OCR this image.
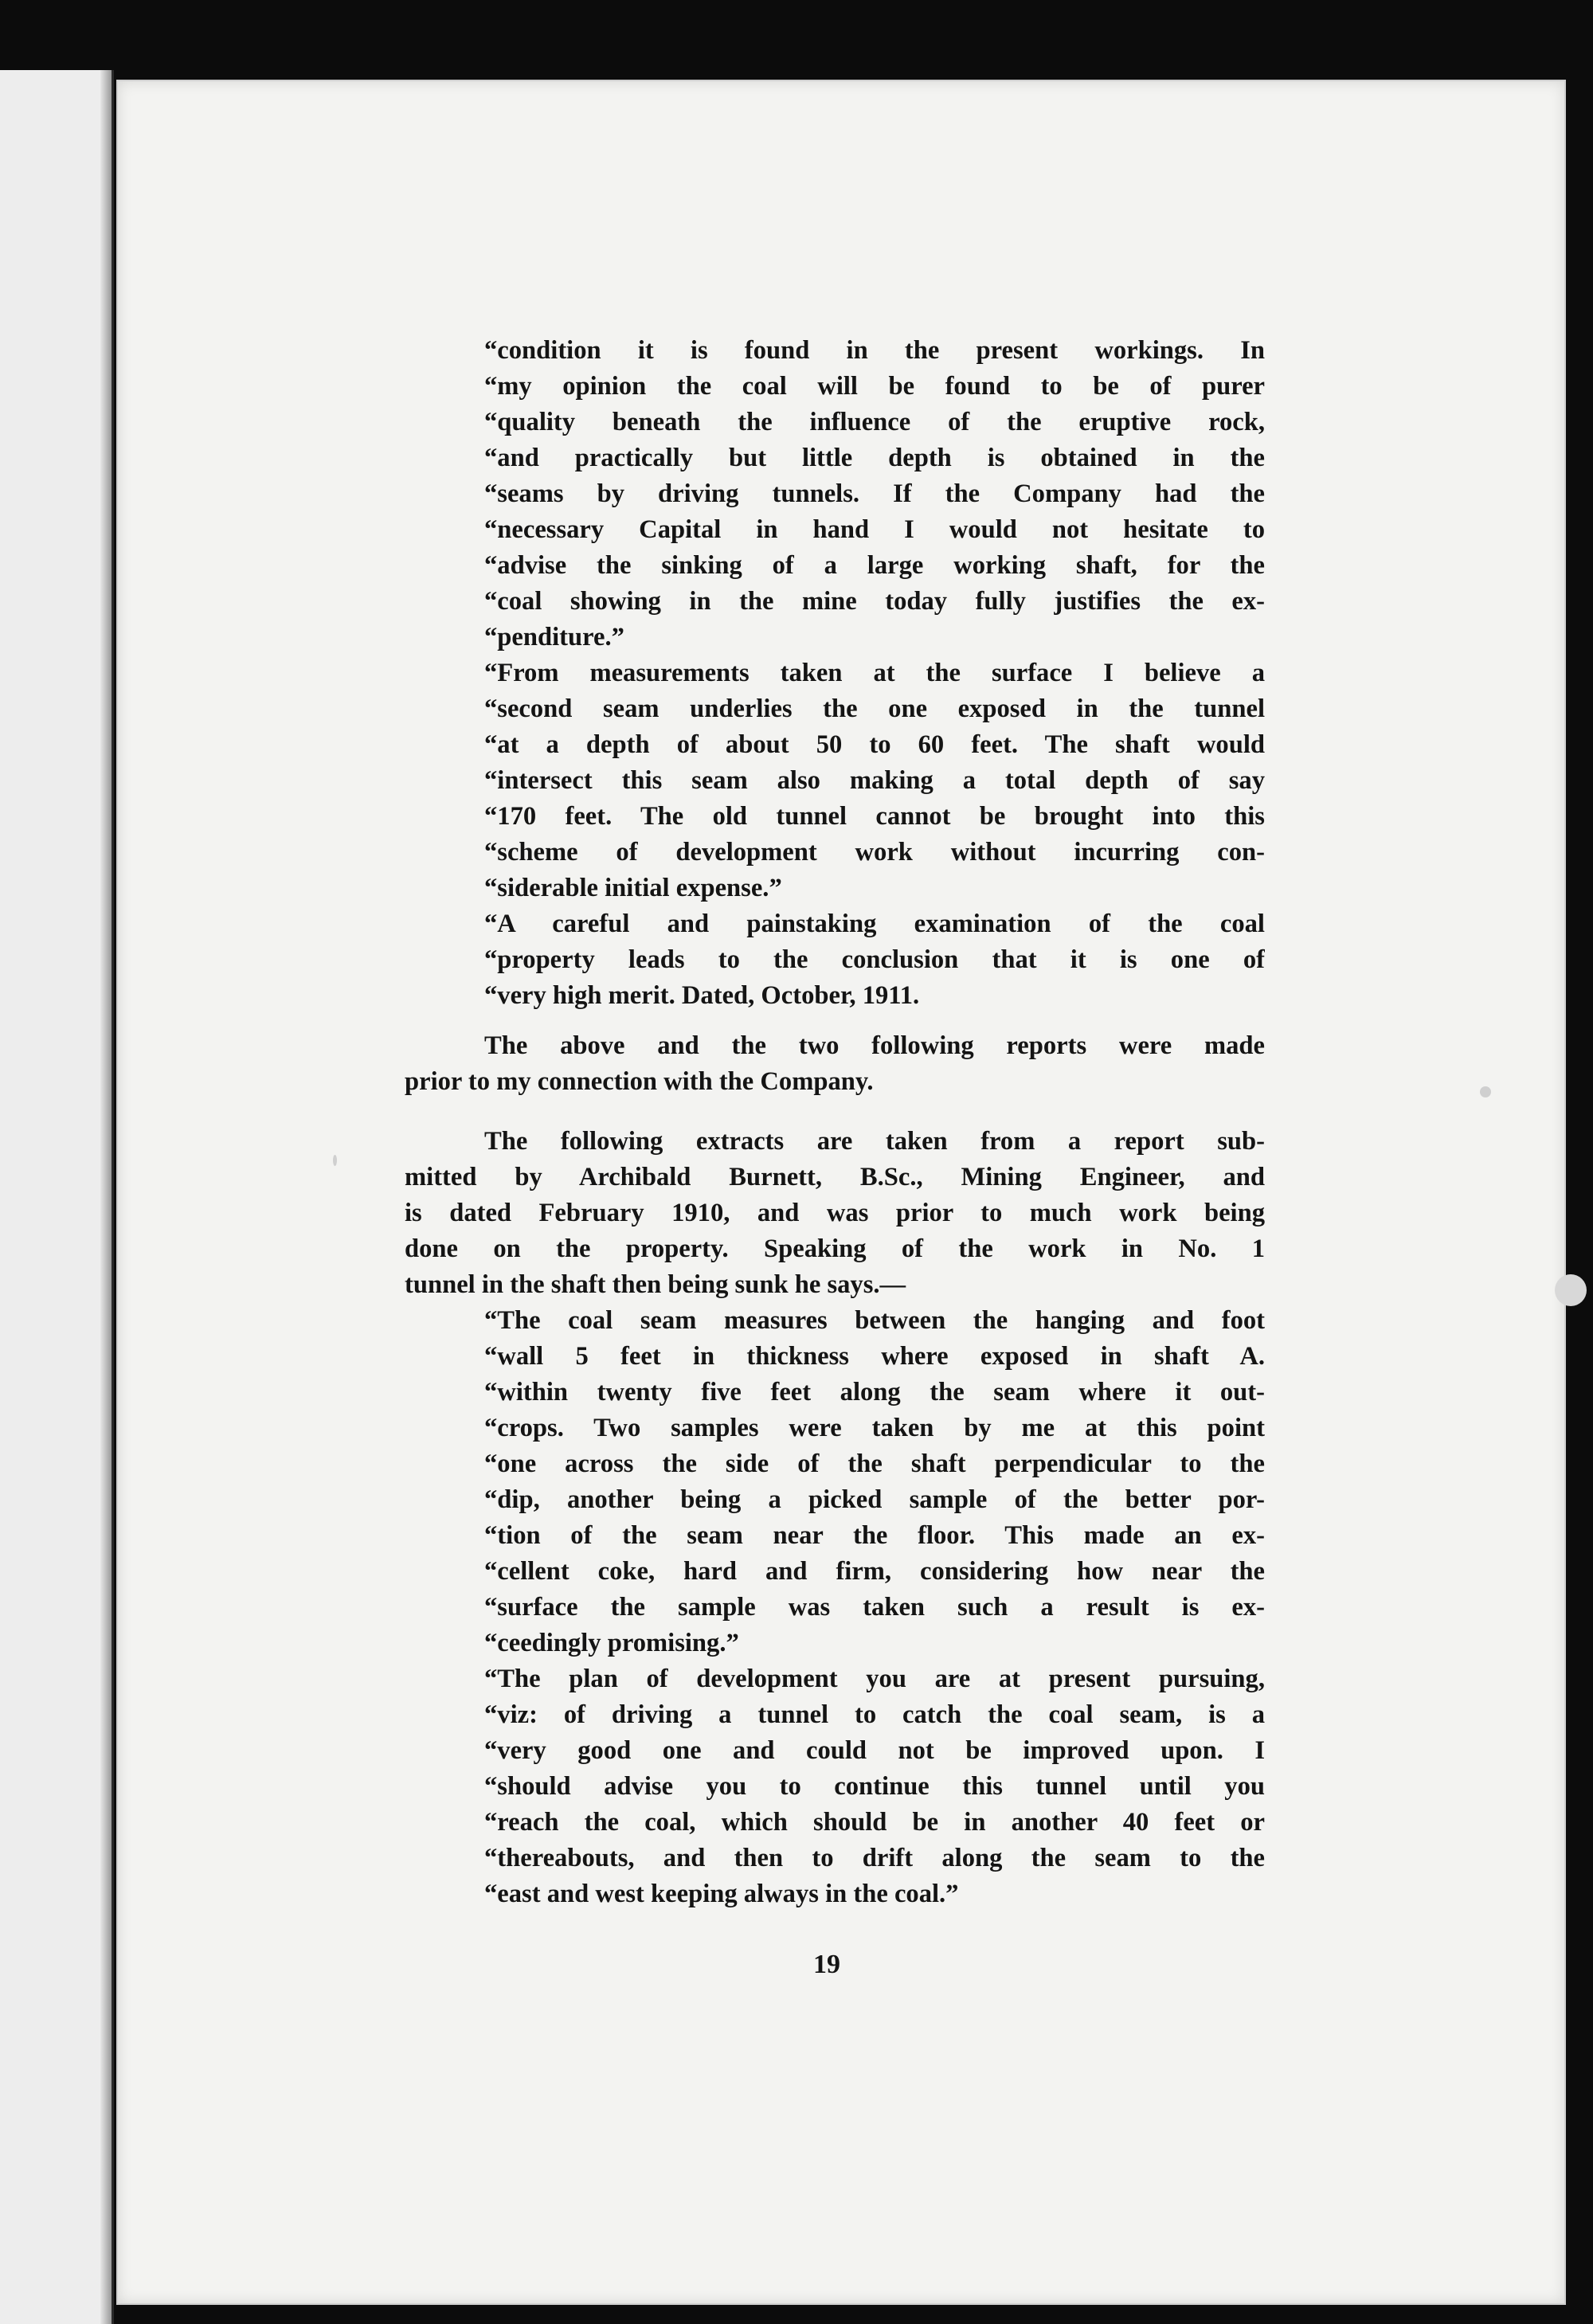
“condition it is found in the present workings. In
“my opinion the coal will be found to be of purer
“quality beneath the influence of the eruptive rock,
“and practically but little depth is obtained in the
“seams by driving tunnels. If the Company had the
“necessary Capital in hand I would not hesitate to
“advise the sinking of a large working shaft, for the
“coal showing in the mine today fully justifies the ex-
“penditure.”
“From measurements taken at the surface I believe a
“second seam underlies the one exposed in the tunnel
“at a depth of about 50 to 60 feet. The shaft would
“intersect this seam also making a total depth of say
“170 feet. The old tunnel cannot be brought into this
“scheme of development work without incurring con-
“siderable initial expense.”
“A careful and painstaking examination of the coal
“property leads to the conclusion that it is one of
“very high merit. Dated, October, 1911.
The above and the two following reports were made
prior to my connection with the Company.
The following extracts are taken from a report sub-
mitted by Archibald Burnett, B.Sc., Mining Engineer, and
is dated February 1910, and was prior to much work being
done on the property. Speaking of the work in No. 1
tunnel in the shaft then being sunk he says.—
“The coal seam measures between the hanging and foot
“wall 5 feet in thickness where exposed in shaft A.
“within twenty five feet along the seam where it out-
“crops. Two samples were taken by me at this point
“one across the side of the shaft perpendicular to the
“dip, another being a picked sample of the better por-
“tion of the seam near the floor. This made an ex-
“cellent coke, hard and firm, considering how near the
“surface the sample was taken such a result is ex-
“ceedingly promising.”
“The plan of development you are at present pursuing,
“viz: of driving a tunnel to catch the coal seam, is a
“very good one and could not be improved upon. I
“should advise you to continue this tunnel until you
“reach the coal, which should be in another 40 feet or
“thereabouts, and then to drift along the seam to the
“east and west keeping always in the coal.”
19
